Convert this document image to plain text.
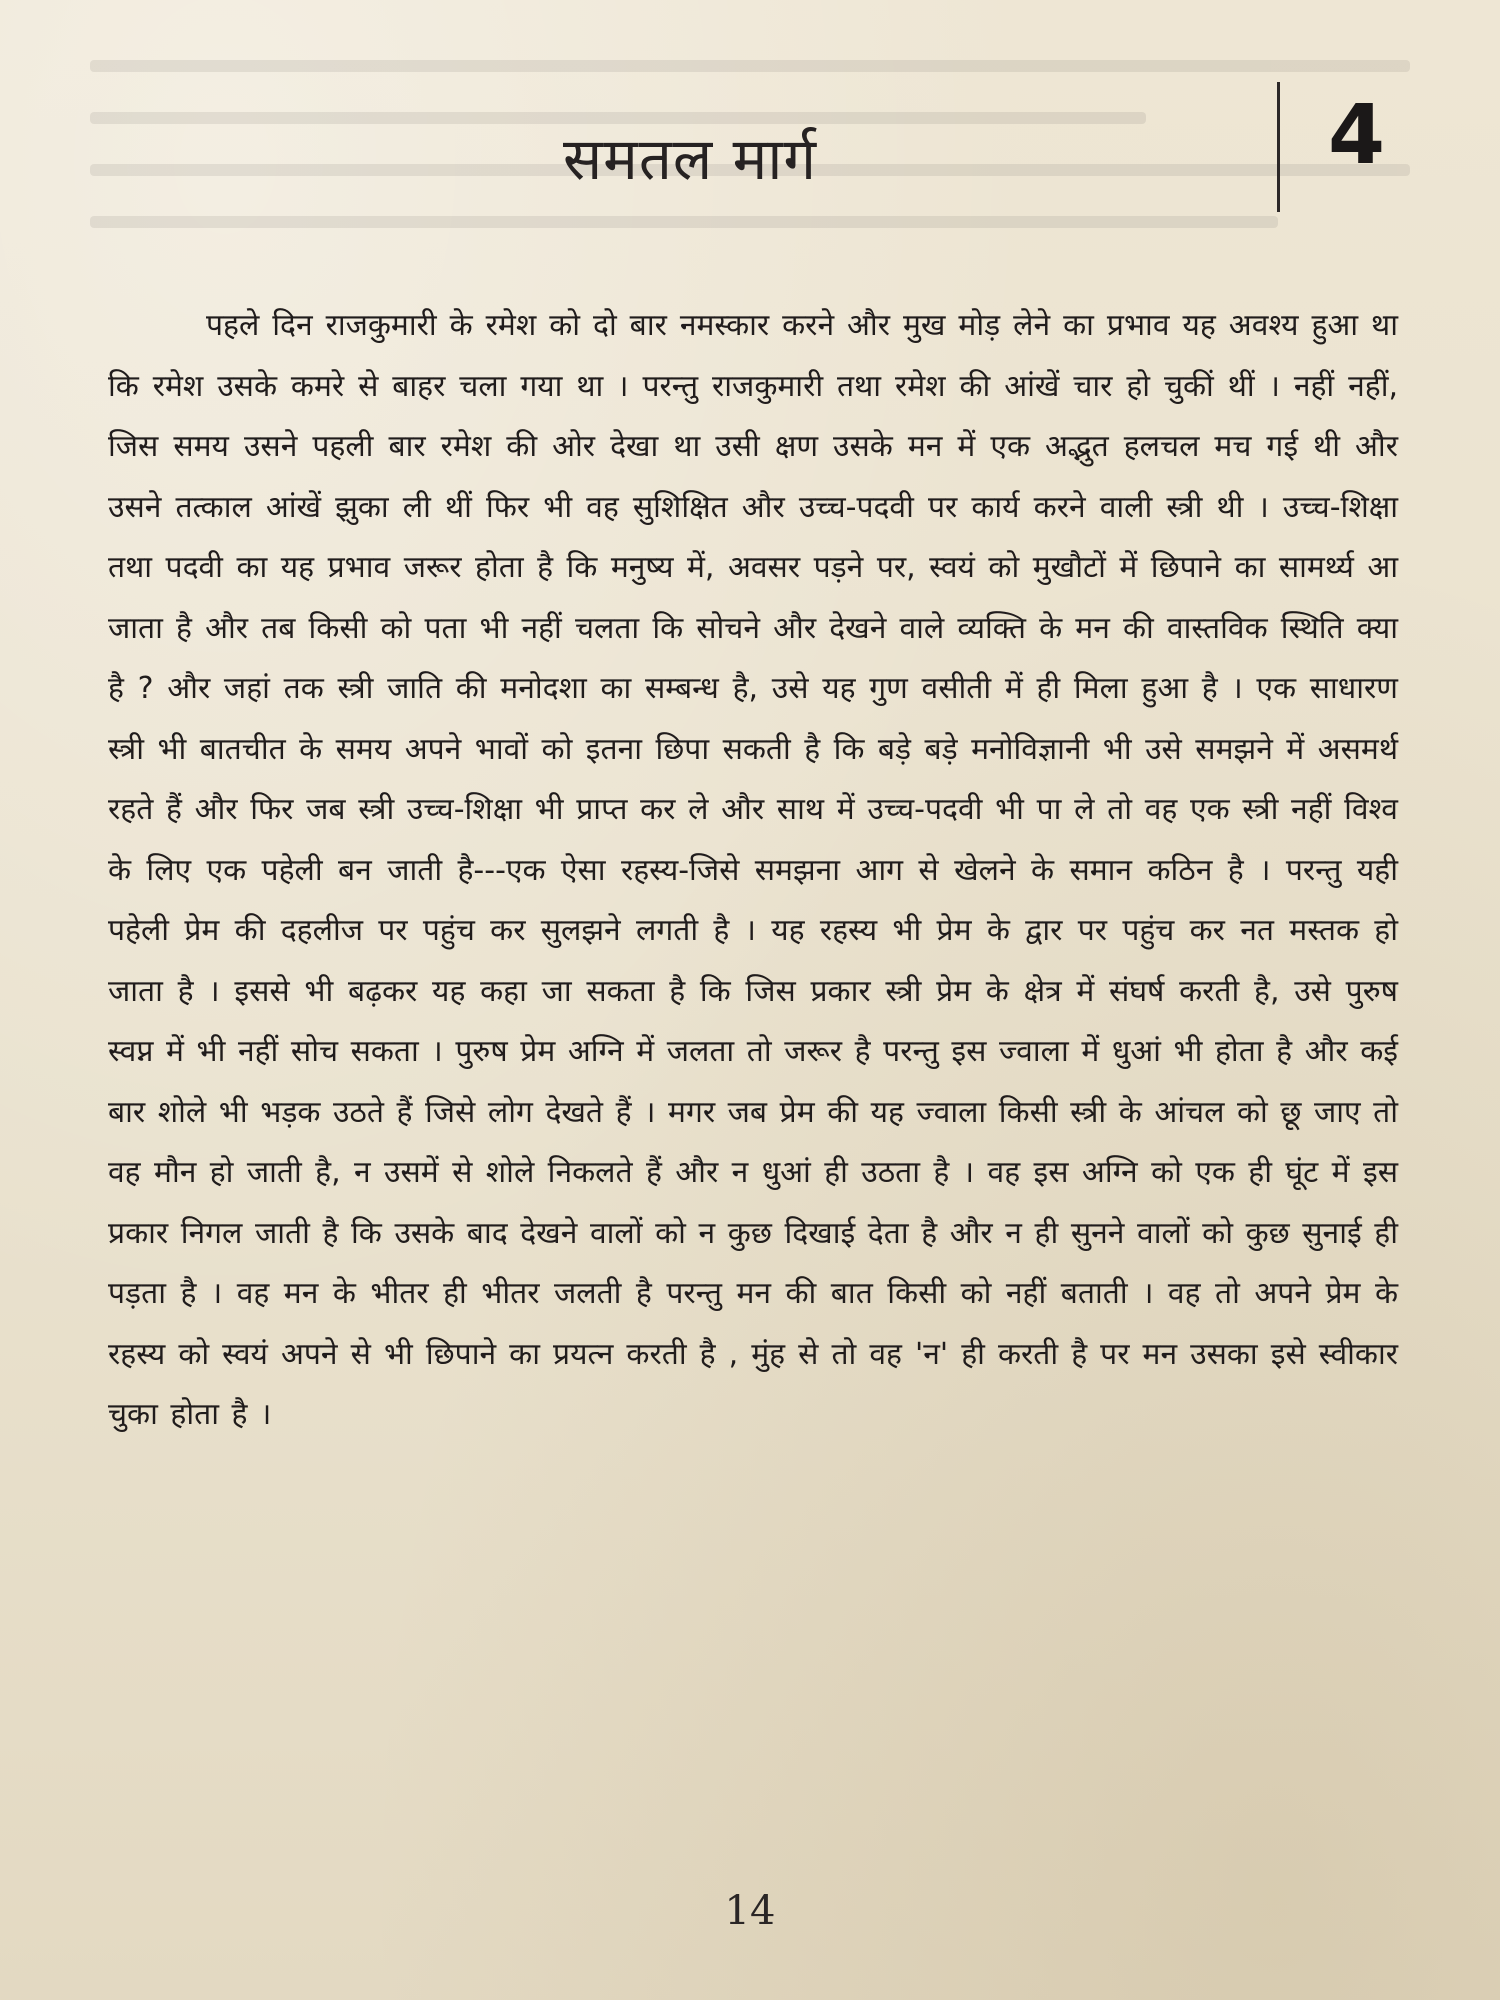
समतल मार्ग	4

पहले दिन राजकुमारी के रमेश को दो बार नमस्कार करने और मुख मोड़ लेने का प्रभाव यह अवश्य हुआ था कि रमेश उसके कमरे से बाहर चला गया था । परन्तु राजकुमारी तथा रमेश की आंखें चार हो चुकीं थीं । नहीं नहीं, जिस समय उसने पहली बार रमेश की ओर देखा था उसी क्षण उसके मन में एक अद्भुत हलचल मच गई थी और उसने तत्काल आंखें झुका ली थीं फिर भी वह सुशिक्षित और उच्च-पदवी पर कार्य करने वाली स्त्री थी । उच्च-शिक्षा तथा पदवी का यह प्रभाव जरूर होता है कि मनुष्य में, अवसर पड़ने पर, स्वयं को मुखौटों में छिपाने का सामर्थ्य आ जाता है और तब किसी को पता भी नहीं चलता कि सोचने और देखने वाले व्यक्ति के मन की वास्तविक स्थिति क्या है ? और जहां तक स्त्री जाति की मनोदशा का सम्बन्ध है, उसे यह गुण वसीती में ही मिला हुआ है । एक साधारण स्त्री भी बातचीत के समय अपने भावों को इतना छिपा सकती है कि बड़े बड़े मनोविज्ञानी भी उसे समझने में असमर्थ रहते हैं और फिर जब स्त्री उच्च-शिक्षा भी प्राप्त कर ले और साथ में उच्च-पदवी भी पा ले तो वह एक स्त्री नहीं विश्व के लिए एक पहेली बन जाती है---एक ऐसा रहस्य-जिसे समझना आग से खेलने के समान कठिन है । परन्तु यही पहेली प्रेम की दहलीज पर पहुंच कर सुलझने लगती है । यह रहस्य भी प्रेम के द्वार पर पहुंच कर नत मस्तक हो जाता है । इससे भी बढ़कर यह कहा जा सकता है कि जिस प्रकार स्त्री प्रेम के क्षेत्र में संघर्ष करती है, उसे पुरुष स्वप्न में भी नहीं सोच सकता । पुरुष प्रेम अग्नि में जलता तो जरूर है परन्तु इस ज्वाला में धुआं भी होता है और कई बार शोले भी भड़क उठते हैं जिसे लोग देखते हैं । मगर जब प्रेम की यह ज्वाला किसी स्त्री के आंचल को छू जाए तो वह मौन हो जाती है, न उसमें से शोले निकलते हैं और न धुआं ही उठता है । वह इस अग्नि को एक ही घूंट में इस प्रकार निगल जाती है कि उसके बाद देखने वालों को न कुछ दिखाई देता है और न ही सुनने वालों को कुछ सुनाई ही पड़ता है । वह मन के भीतर ही भीतर जलती है परन्तु मन की बात किसी को नहीं बताती । वह तो अपने प्रेम के रहस्य को स्वयं अपने से भी छिपाने का प्रयत्न करती है , मुंह से तो वह 'न' ही करती है पर मन उसका इसे स्वीकार चुका होता है ।

14
